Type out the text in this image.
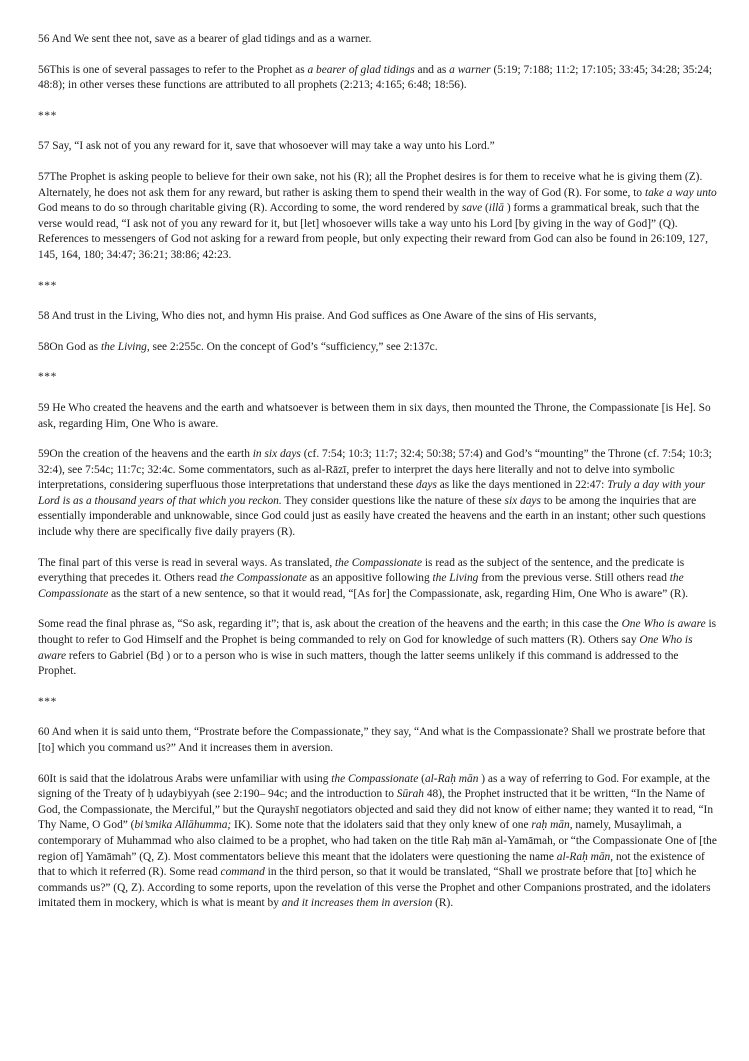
56 And We sent thee not, save as a bearer of glad tidings and as a warner.

56This is one of several passages to refer to the Prophet as a bearer of glad tidings and as a warner (5:19; 7:188; 11:2; 17:105; 33:45; 34:28; 35:24; 48:8); in other verses these functions are attributed to all prophets (2:213; 4:165; 6:48; 18:56).

***

57 Say, “I ask not of you any reward for it, save that whosoever will may take a way unto his Lord.”

57The Prophet is asking people to believe for their own sake, not his (R); all the Prophet desires is for them to receive what he is giving them (Z). Alternately, he does not ask them for any reward, but rather is asking them to spend their wealth in the way of God (R). For some, to take a way unto God means to do so through charitable giving (R). According to some, the word rendered by save (illā ) forms a grammatical break, such that the verse would read, “I ask not of you any reward for it, but [let] whosoever wills take a way unto his Lord [by giving in the way of God]” (Q). References to messengers of God not asking for a reward from people, but only expecting their reward from God can also be found in 26:109, 127, 145, 164, 180; 34:47; 36:21; 38:86; 42:23.

***

58 And trust in the Living, Who dies not, and hymn His praise. And God suffices as One Aware of the sins of His servants,

58On God as the Living, see 2:255c. On the concept of God’s “sufficiency,” see 2:137c.

***

59 He Who created the heavens and the earth and whatsoever is between them in six days, then mounted the Throne, the Compassionate [is He]. So ask, regarding Him, One Who is aware.

59On the creation of the heavens and the earth in six days (cf. 7:54; 10:3; 11:7; 32:4; 50:38; 57:4) and God’s “mounting” the Throne (cf. 7:54; 10:3; 32:4), see 7:54c; 11:7c; 32:4c. Some commentators, such as al-Rāzī, prefer to interpret the days here literally and not to delve into symbolic interpretations, considering superfluous those interpretations that understand these days as like the days mentioned in 22:47: Truly a day with your Lord is as a thousand years of that which you reckon. They consider questions like the nature of these six days to be among the inquiries that are essentially imponderable and unknowable, since God could just as easily have created the heavens and the earth in an instant; other such questions include why there are specifically five daily prayers (R).

The final part of this verse is read in several ways. As translated, the Compassionate is read as the subject of the sentence, and the predicate is everything that precedes it. Others read the Compassionate as an appositive following the Living from the previous verse. Still others read the Compassionate as the start of a new sentence, so that it would read, “[As for] the Compassionate, ask, regarding Him, One Who is aware” (R).

Some read the final phrase as, “So ask, regarding it”; that is, ask about the creation of the heavens and the earth; in this case the One Who is aware is thought to refer to God Himself and the Prophet is being commanded to rely on God for knowledge of such matters (R). Others say One Who is aware refers to Gabriel (Bḍ ) or to a person who is wise in such matters, though the latter seems unlikely if this command is addressed to the Prophet.

***

60 And when it is said unto them, “Prostrate before the Compassionate,” they say, “And what is the Compassionate? Shall we prostrate before that [to] which you command us?” And it increases them in aversion.

60It is said that the idolatrous Arabs were unfamiliar with using the Compassionate (al-Raḥ mān ) as a way of referring to God. For example, at the signing of the Treaty of ḥ udaybiyyah (see 2:190– 94c; and the introduction to Sūrah 48), the Prophet instructed that it be written, “In the Name of God, the Compassionate, the Merciful,” but the Qurayshī negotiators objected and said they did not know of either name; they wanted it to read, “In Thy Name, O God” (bi’smika Allāhumma; IK). Some note that the idolaters said that they only knew of one raḥ mān, namely, Musaylimah, a contemporary of Muhammad who also claimed to be a prophet, who had taken on the title Raḥ mān al-Yamāmah, or “the Compassionate One of [the region of] Yamāmah” (Q, Z). Most commentators believe this meant that the idolaters were questioning the name al-Raḥ mān, not the existence of that to which it referred (R). Some read command in the third person, so that it would be translated, “Shall we prostrate before that [to] which he commands us?” (Q, Z). According to some reports, upon the revelation of this verse the Prophet and other Companions prostrated, and the idolaters imitated them in mockery, which is what is meant by and it increases them in aversion (R).
